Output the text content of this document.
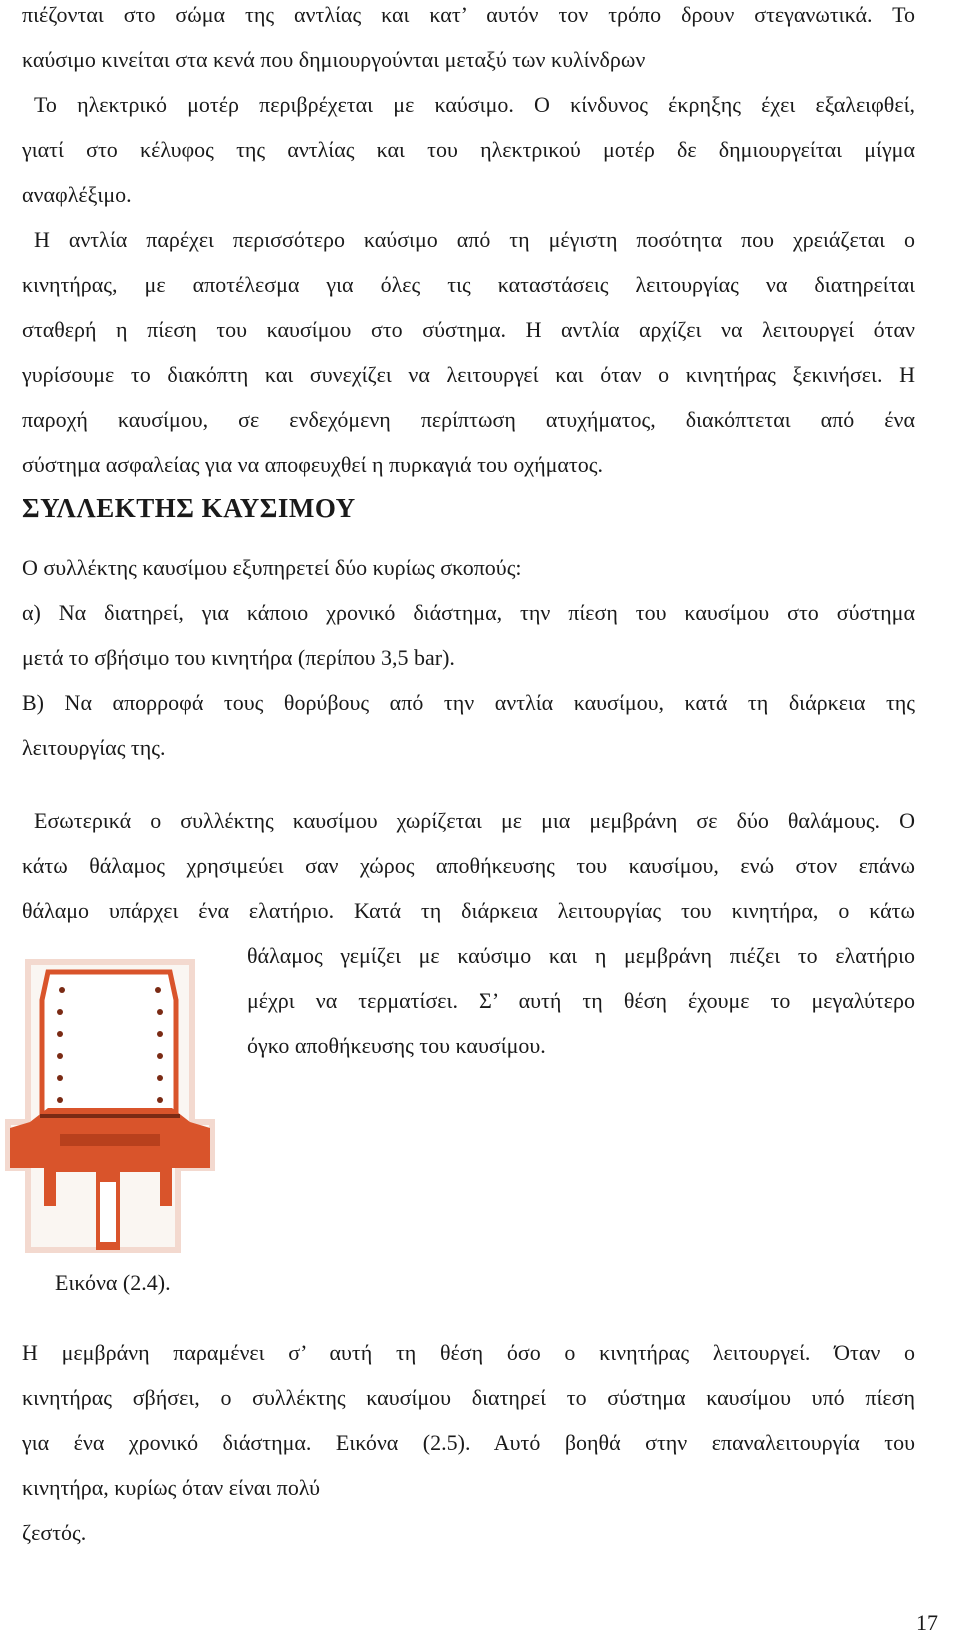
πιέζονται στο σώμα της αντλίας και κατ’ αυτόν τον τρόπο δρουν στεγανωτικά. Το
καύσιμο κινείται στα κενά που δημιουργούνται μεταξύ των κυλίνδρων
Το ηλεκτρικό μοτέρ περιβρέχεται με καύσιμο. Ο κίνδυνος έκρηξης έχει εξαλειφθεί,
γιατί στο κέλυφος της αντλίας και του ηλεκτρικού μοτέρ δε δημιουργείται μίγμα
αναφλέξιμο.
Η αντλία παρέχει περισσότερο καύσιμο από τη μέγιστη ποσότητα που χρειάζεται ο
κινητήρας, με αποτέλεσμα για όλες τις καταστάσεις λειτουργίας να διατηρείται
σταθερή η πίεση του καυσίμου στο σύστημα. Η αντλία αρχίζει να λειτουργεί όταν
γυρίσουμε το διακόπτη και συνεχίζει να λειτουργεί και όταν ο κινητήρας ξεκινήσει. Η
παροχή καυσίμου, σε ενδεχόμενη περίπτωση ατυχήματος, διακόπτεται από ένα
σύστημα ασφαλείας για να αποφευχθεί η πυρκαγιά του οχήματος.
ΣΥΛΛΕΚΤΗΣ ΚΑΥΣΙΜΟΥ
Ο συλλέκτης καυσίμου εξυπηρετεί δύο κυρίως σκοπούς:
α) Να διατηρεί, για κάποιο χρονικό διάστημα, την πίεση του καυσίμου στο σύστημα
μετά το σβήσιμο του κινητήρα (περίπου 3,5 bar).
Β) Να απορροφά τους θορύβους από την αντλία καυσίμου, κατά τη διάρκεια της
λειτουργίας της.
Εσωτερικά ο συλλέκτης καυσίμου χωρίζεται με μια μεμβράνη σε δύο θαλάμους. Ο
κάτω θάλαμος χρησιμεύει σαν χώρος αποθήκευσης του καυσίμου, ενώ στον επάνω
θάλαμο υπάρχει ένα ελατήριο. Κατά τη διάρκεια λειτουργίας του κινητήρα, ο κάτω
θάλαμος γεμίζει με καύσιμο και η μεμβράνη πιέζει το ελατήριο
μέχρι να τερματίσει. Σ’ αυτή τη θέση έχουμε το μεγαλύτερο
όγκο αποθήκευσης του καυσίμου.
Εικόνα (2.4).
Η μεμβράνη παραμένει σ’ αυτή τη θέση όσο ο κινητήρας λειτουργεί. Όταν ο
κινητήρας σβήσει, ο συλλέκτης καυσίμου διατηρεί το σύστημα καυσίμου υπό πίεση
για ένα χρονικό διάστημα. Εικόνα (2.5). Αυτό βοηθά στην επαναλειτουργία του
κινητήρα, κυρίως όταν είναι πολύ
ζεστός.
17
